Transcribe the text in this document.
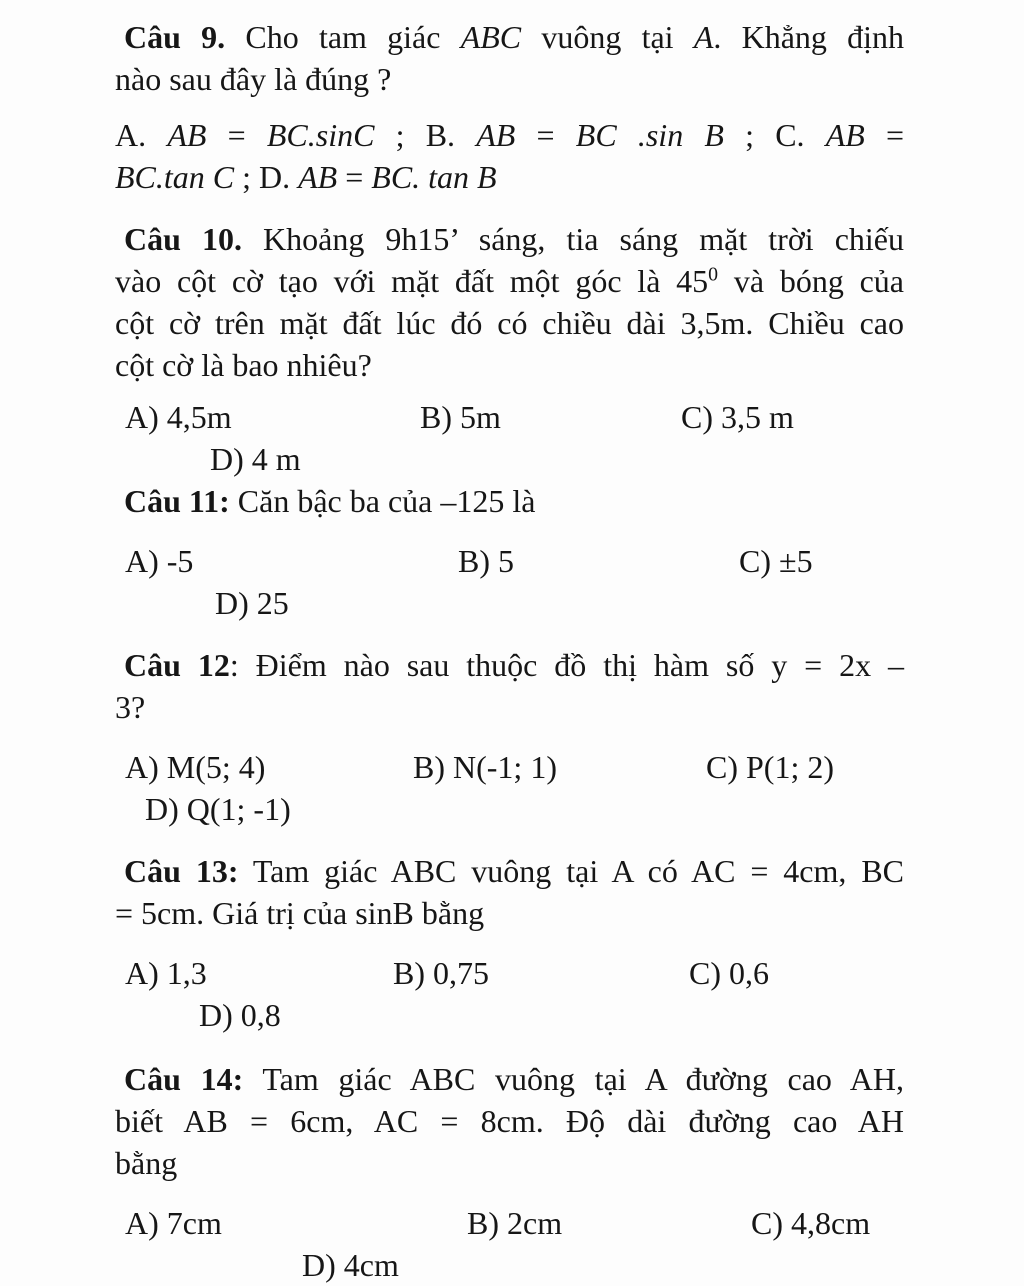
Câu 9. Cho tam giác ABC vuông tại A. Khẳng định
nào sau đây là đúng ?
A. AB = BC.sinC ; B. AB = BC .sin B ; C. AB =
BC.tan C ; D. AB = BC. tan B
Câu 10. Khoảng 9h15’ sáng, tia sáng mặt trời chiếu
vào cột cờ tạo với mặt đất một góc là $45^0$ và bóng của
cột cờ trên mặt đất lúc đó có chiều dài 3,5m. Chiều cao
cột cờ là bao nhiêu?
A) 4,5m	B) 5m	C) 3,5 m
D) 4 m
Câu 11: Căn bậc ba của –125 là
A) -5	B) 5	C) ±5
D) 25
Câu 12: Điểm nào sau thuộc đồ thị hàm số y = 2x –
3?
A) M(5; 4)	B) N(-1; 1)	C) P(1; 2)
D) Q(1; -1)
Câu 13: Tam giác ABC vuông tại A có AC = 4cm, BC
= 5cm. Giá trị của sinB bằng
A) 1,3	B) 0,75	C) 0,6
D) 0,8
Câu 14: Tam giác ABC vuông tại A đường cao AH,
biết AB = 6cm, AC = 8cm. Độ dài đường cao AH
bằng
A) 7cm	B) 2cm	C) 4,8cm
D) 4cm
